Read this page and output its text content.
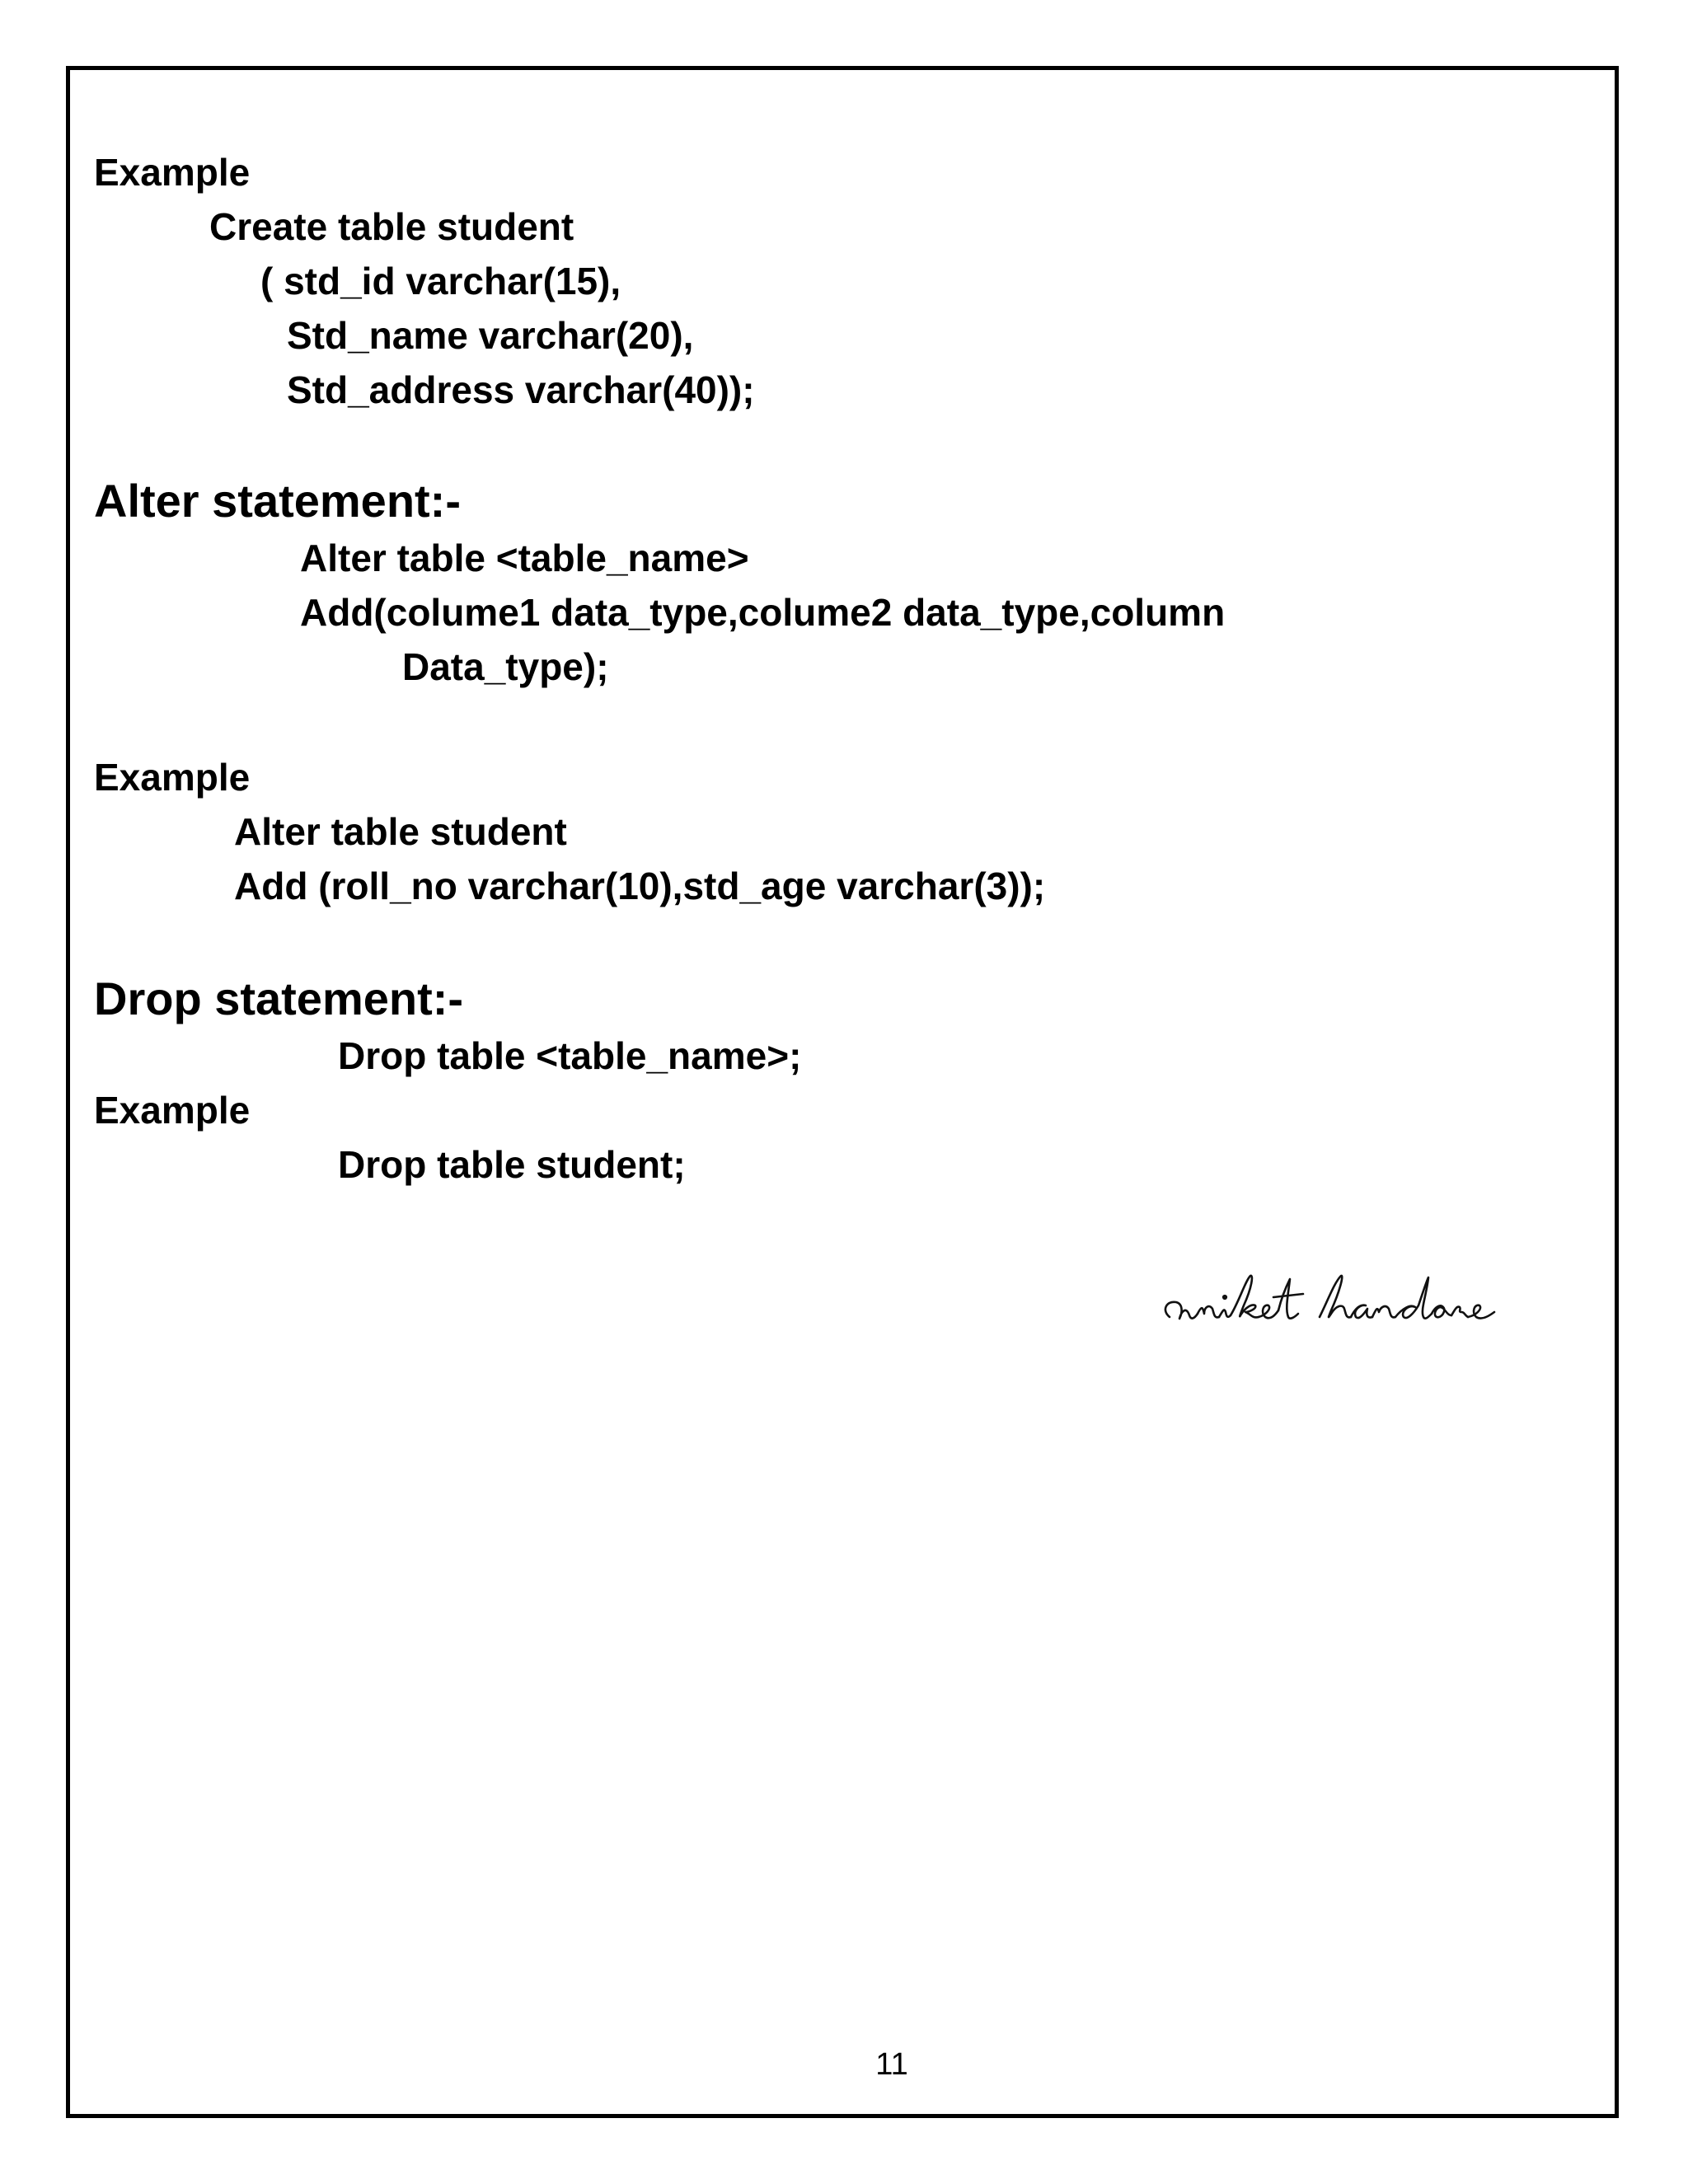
Example

Create table student

( std_id varchar(15),

Std_name varchar(20),

Std_address varchar(40));

Alter statement:-

Alter table <table_name>

Add(colume1 data_type,colume2 data_type,column

Data_type);

Example

Alter table student

Add (roll_no varchar(10),std_age varchar(3));

Drop statement:-

Drop table <table_name>;

Example

Drop table student;

11
